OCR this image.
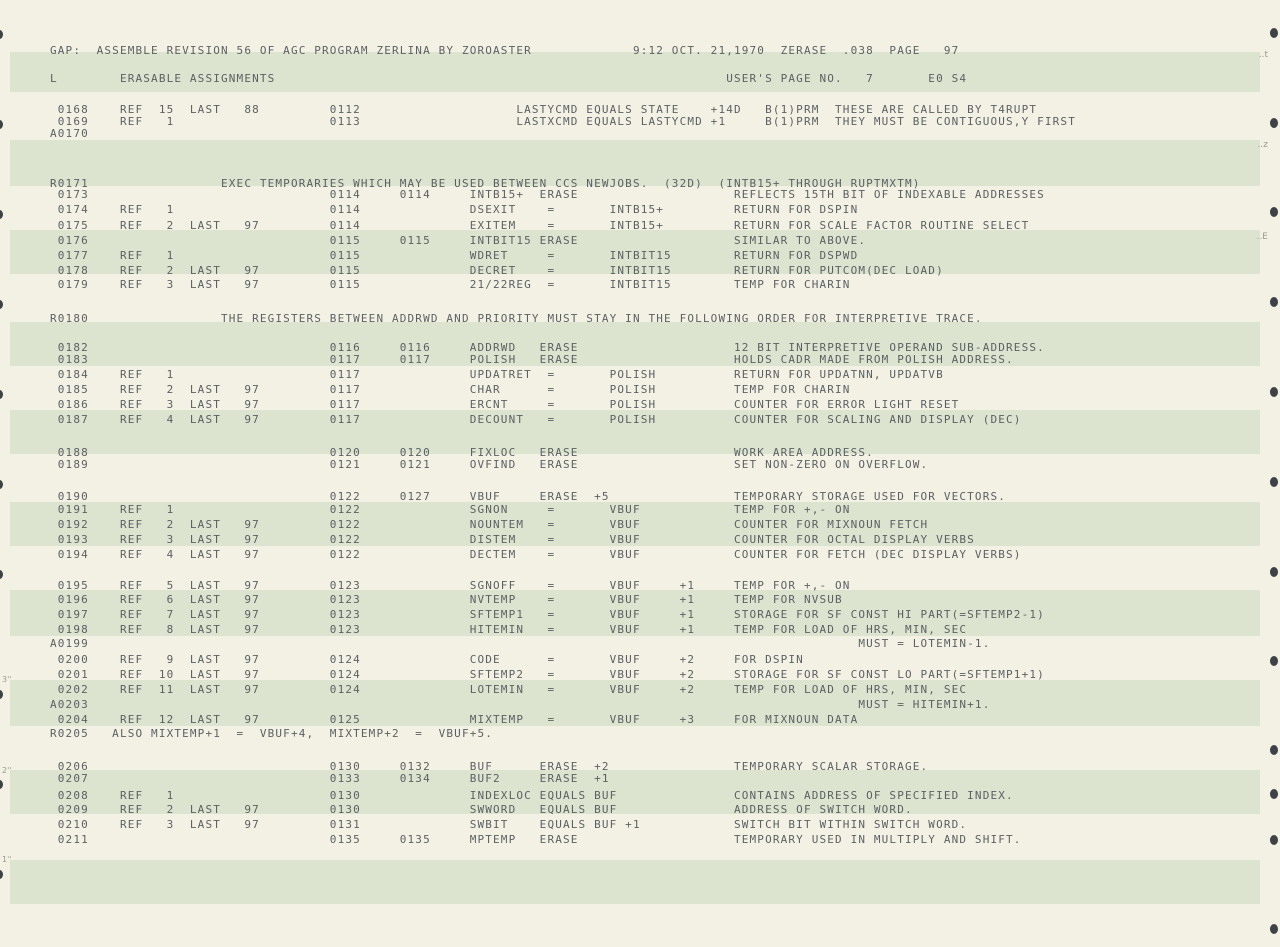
GAP:  ASSEMBLE REVISION 56 OF AGC PROGRAM ZERLINA BY ZOROASTER             9:12 OCT. 21,1970  ZERASE  .038  PAGE   97
L        ERASABLE ASSIGNMENTS                                                          USER'S PAGE NO.   7       E0 S4
0168    REF  15  LAST   88         0112                    LASTYCMD EQUALS STATE    +14D   B(1)PRM  THESE ARE CALLED BY T4RUPT
0169    REF   1                    0113                    LASTXCMD EQUALS LASTYCMD +1     B(1)PRM  THEY MUST BE CONTIGUOUS,Y FIRST
A0170
R0171                 EXEC TEMPORARIES WHICH MAY BE USED BETWEEN CCS NEWJOBS.  (32D)  (INTB15+ THROUGH RUPTMXTM)
0173                               0114     0114     INTB15+  ERASE                    REFLECTS 15TH BIT OF INDEXABLE ADDRESSES
0174    REF   1                    0114              DSEXIT    =       INTB15+         RETURN FOR DSPIN
0175    REF   2  LAST   97         0114              EXITEM    =       INTB15+         RETURN FOR SCALE FACTOR ROUTINE SELECT
0176                               0115     0115     INTBIT15 ERASE                    SIMILAR TO ABOVE.
0177    REF   1                    0115              WDRET     =       INTBIT15        RETURN FOR DSPWD
0178    REF   2  LAST   97         0115              DECRET    =       INTBIT15        RETURN FOR PUTCOM(DEC LOAD)
0179    REF   3  LAST   97         0115              21/22REG  =       INTBIT15        TEMP FOR CHARIN
R0180                 THE REGISTERS BETWEEN ADDRWD AND PRIORITY MUST STAY IN THE FOLLOWING ORDER FOR INTERPRETIVE TRACE.
0182                               0116     0116     ADDRWD   ERASE                    12 BIT INTERPRETIVE OPERAND SUB-ADDRESS.
0183                               0117     0117     POLISH   ERASE                    HOLDS CADR MADE FROM POLISH ADDRESS.
0184    REF   1                    0117              UPDATRET  =       POLISH          RETURN FOR UPDATNN, UPDATVB
0185    REF   2  LAST   97         0117              CHAR      =       POLISH          TEMP FOR CHARIN
0186    REF   3  LAST   97         0117              ERCNT     =       POLISH          COUNTER FOR ERROR LIGHT RESET
0187    REF   4  LAST   97         0117              DECOUNT   =       POLISH          COUNTER FOR SCALING AND DISPLAY (DEC)
0188                               0120     0120     FIXLOC   ERASE                    WORK AREA ADDRESS.
0189                               0121     0121     OVFIND   ERASE                    SET NON-ZERO ON OVERFLOW.
0190                               0122     0127     VBUF     ERASE  +5                TEMPORARY STORAGE USED FOR VECTORS.
0191    REF   1                    0122              SGNON     =       VBUF            TEMP FOR +,- ON
0192    REF   2  LAST   97         0122              NOUNTEM   =       VBUF            COUNTER FOR MIXNOUN FETCH
0193    REF   3  LAST   97         0122              DISTEM    =       VBUF            COUNTER FOR OCTAL DISPLAY VERBS
0194    REF   4  LAST   97         0122              DECTEM    =       VBUF            COUNTER FOR FETCH (DEC DISPLAY VERBS)
0195    REF   5  LAST   97         0123              SGNOFF    =       VBUF     +1     TEMP FOR +,- ON
0196    REF   6  LAST   97         0123              NVTEMP    =       VBUF     +1     TEMP FOR NVSUB
0197    REF   7  LAST   97         0123              SFTEMP1   =       VBUF     +1     STORAGE FOR SF CONST HI PART(=SFTEMP2-1)
0198    REF   8  LAST   97         0123              HITEMIN   =       VBUF     +1     TEMP FOR LOAD OF HRS, MIN, SEC
A0199                                                                                                   MUST = LOTEMIN-1.
0200    REF   9  LAST   97         0124              CODE      =       VBUF     +2     FOR DSPIN
0201    REF  10  LAST   97         0124              SFTEMP2   =       VBUF     +2     STORAGE FOR SF CONST LO PART(=SFTEMP1+1)
0202    REF  11  LAST   97         0124              LOTEMIN   =       VBUF     +2     TEMP FOR LOAD OF HRS, MIN, SEC
A0203                                                                                                   MUST = HITEMIN+1.
0204    REF  12  LAST   97         0125              MIXTEMP   =       VBUF     +3     FOR MIXNOUN DATA
R0205   ALSO MIXTEMP+1  =  VBUF+4,  MIXTEMP+2  =  VBUF+5.
0206                               0130     0132     BUF      ERASE  +2                TEMPORARY SCALAR STORAGE.
0207                               0133     0134     BUF2     ERASE  +1
0208    REF   1                    0130              INDEXLOC EQUALS BUF               CONTAINS ADDRESS OF SPECIFIED INDEX.
0209    REF   2  LAST   97         0130              SWWORD   EQUALS BUF               ADDRESS OF SWITCH WORD.
0210    REF   3  LAST   97         0131              SWBIT    EQUALS BUF +1            SWITCH BIT WITHIN SWITCH WORD.
0211                               0135     0135     MPTEMP   ERASE                    TEMPORARY USED IN MULTIPLY AND SHIFT.
..t
..z
..E
3''
2''
1''
